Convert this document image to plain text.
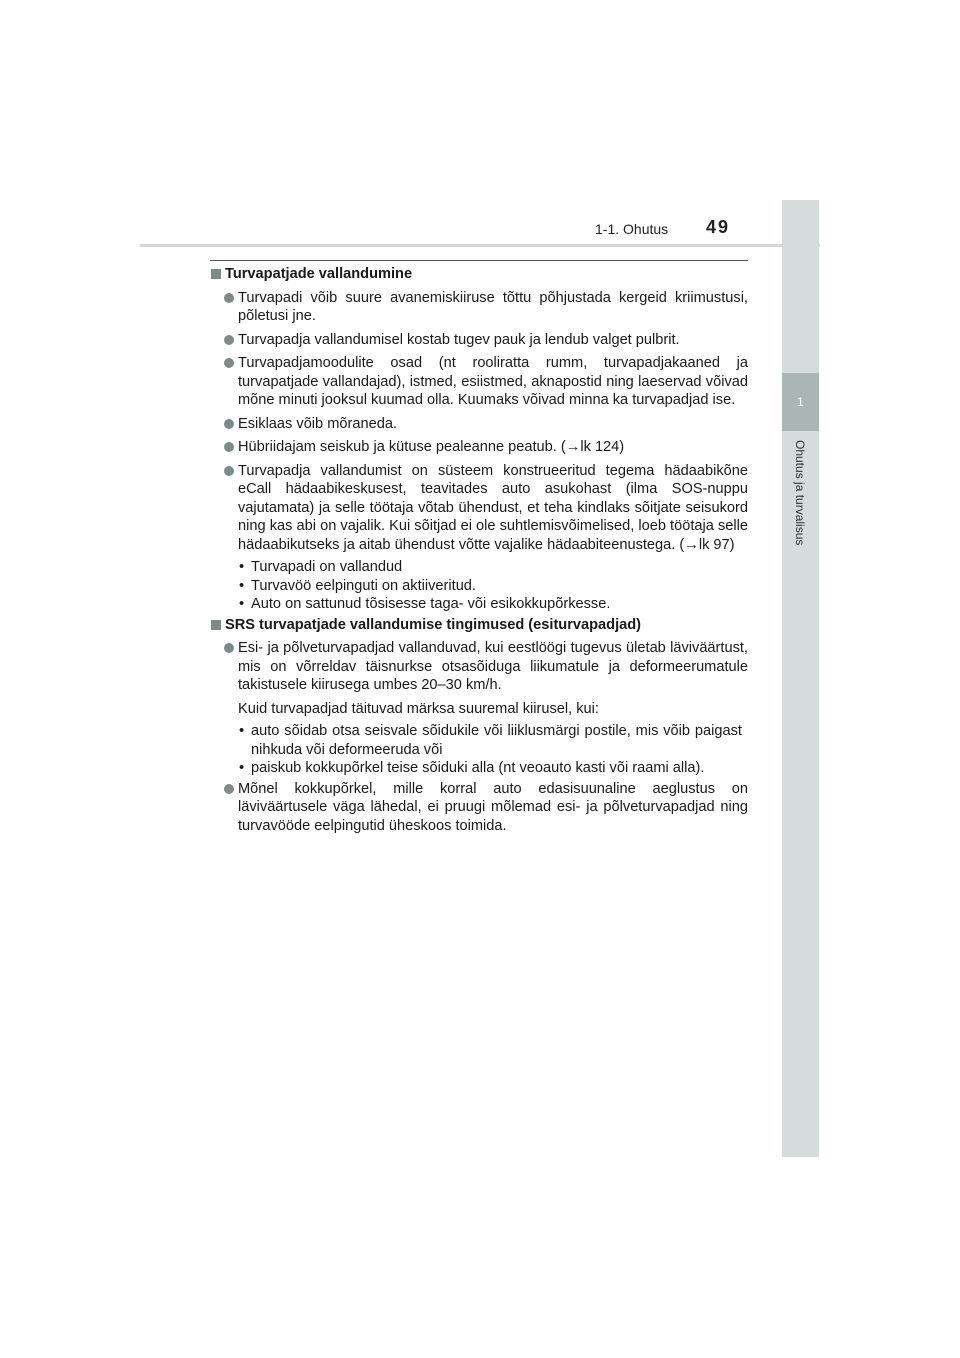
1-1. Ohutus 49
1
Ohutus ja turvalisus
Turvapatjade vallandumine
Turvapadi võib suure avanemiskiiruse tõttu põhjustada kergeid kriimustusi, põletusi jne.
Turvapadja vallandumisel kostab tugev pauk ja lendub valget pulbrit.
Turvapadjamoodulite osad (nt rooliratta rumm, turvapadjakaaned ja turvapatjade vallandajad), istmed, esiistmed, aknapostid ning laeservad võivad mõne minuti jooksul kuumad olla. Kuumaks võivad minna ka turvapadjad ise.
Esiklaas võib mõraneda.
Hübriidajam seiskub ja kütuse pealeanne peatub. (→lk 124)
Turvapadja vallandumist on süsteem konstrueeritud tegema hädaabikõne eCall hädaabikeskusest, teavitades auto asukohast (ilma SOS-nuppu vajutamata) ja selle töötaja võtab ühendust, et teha kindlaks sõitjate seisukord ning kas abi on vajalik. Kui sõitjad ei ole suhtlemisvõimelised, loeb töötaja selle hädaabikutseks ja aitab ühendust võtte vajalike hädaabiteenustega. (→lk 97)
• Turvapadi on vallandud
• Turvavöö eelpinguti on aktiiveritud.
• Auto on sattunud tõsisesse taga- või esikokkupõrkesse.
SRS turvapatjade vallandumise tingimused (esiturvapadjad)
Esi- ja põlveturvapadjad vallanduvad, kui eestlöögi tugevus ületab läviväärtust, mis on võrreldav täisnurkse otsasõiduga liikumatule ja deformeerumatule takistusele kiirusega umbes 20–30 km/h.
Kuid turvapadjad täituvad märksa suuremal kiirusel, kui:
• auto sõidab otsa seisvale sõidukile või liiklusmärgi postile, mis võib paigast nihkuda või deformeeruda või
• paiskub kokkupõrkel teise sõiduki alla (nt veoauto kasti või raami alla).
Mõnel kokkupõrkel, mille korral auto edasisuunaline aeglustus on läviväärtusele väga lähedal, ei pruugi mõlemad esi- ja põlveturvapadjad ning turvavööde eelpingutid üheskoos toimida.
